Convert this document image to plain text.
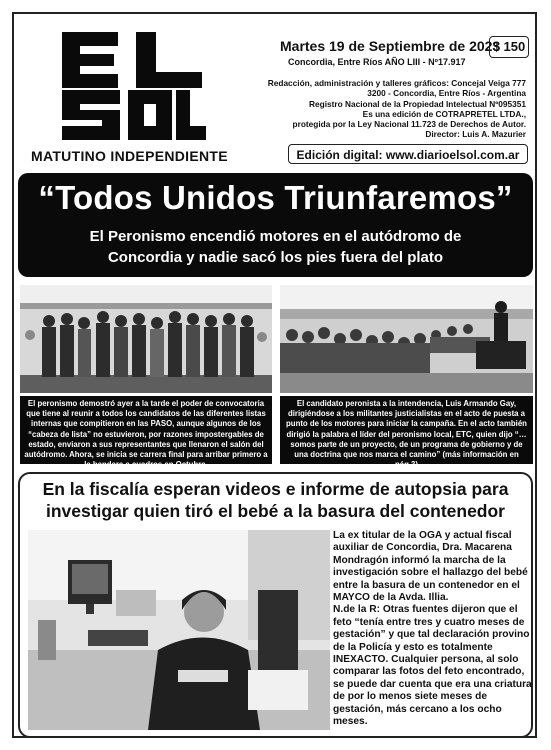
MATUTINO INDEPENDIENTE
Martes 19 de Septiembre de 2023
$ 150
Concordia, Entre Ríos AÑO LIII - Nº17.917
Redacción, administración y talleres gráficos: Concejal Veiga 777
3200 - Concordia, Entre Ríos - Argentina
Registro Nacional de la Propiedad Intelectual Nº095351
Es una edición de COTRAPRETEL LTDA.,
protegida por la Ley Nacional 11.723 de Derechos de Autor.
Director: Luis A. Mazurier
Edición digital: www.diarioelsol.com.ar
“Todos Unidos Triunfaremos”
El Peronismo encendió motores en el autódromo de
Concordia y nadie sacó los pies fuera del plato
El peronismo demostró ayer a la tarde el poder de convocatoria que tiene al reunir a todos los candidatos de las diferentes listas internas que compitieron en las PASO, aunque algunos de los “cabeza de lista” no estuvieron, por razones impostergables de estado, enviaron a sus representantes que llenaron el salón del autódromo. Ahora, se inicia se carrera final para arribar primero a la bandera a cuadros en Octubre.
El candidato peronista a la intendencia, Luis Armando Gay, dirigiéndose a los militantes justicialistas en el acto de puesta a punto de los motores para iniciar la campaña. En el acto también dirigió la palabra el líder del peronismo local, ETC, quien dijo “…somos parte de un proyecto, de un programa de gobierno y de una doctrina que nos marca el camino” (más información en pág.3)
En la fiscalía esperan videos e informe de autopsia para
investigar quien tiró el bebé a la basura del contenedor

La ex titular de la OGA y actual fiscal auxiliar de Concordia, Dra. Macarena Mondragón informó la marcha de la investigación sobre el hallazgo del bebé entre la basura de un contenedor en el MAYCO de la Avda. Illia.

N.de la R: Otras fuentes dijeron que el feto “tenía entre tres y cuatro meses de gestación” y que tal declaración provino de la Policía y esto es totalmente INEXACTO. Cualquier persona, al solo comparar las fotos del feto encontrado, se puede dar cuenta que era una criatura de por lo menos siete meses de gestación, más cercano a los ocho meses.
